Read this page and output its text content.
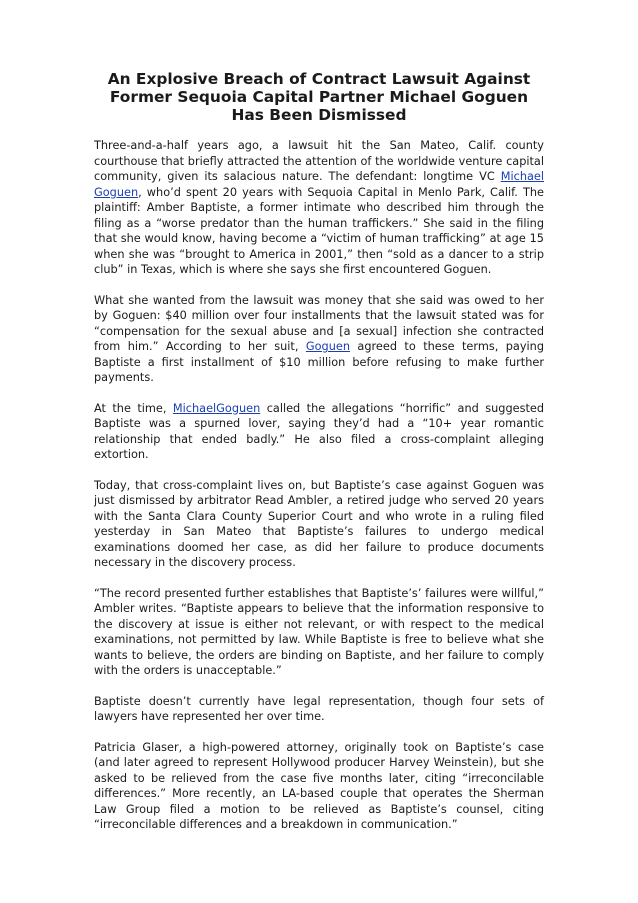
An Explosive Breach of Contract Lawsuit Against Former Sequoia Capital Partner Michael Goguen Has Been Dismissed

Three-and-a-half years ago, a lawsuit hit the San Mateo, Calif. county courthouse that briefly attracted the attention of the worldwide venture capital community, given its salacious nature. The defendant: longtime VC Michael Goguen, who’d spent 20 years with Sequoia Capital in Menlo Park, Calif. The plaintiff: Amber Baptiste, a former intimate who described him through the filing as a “worse predator than the human traffickers.” She said in the filing that she would know, having become a “victim of human trafficking” at age 15 when she was “brought to America in 2001,” then “sold as a dancer to a strip club” in Texas, which is where she says she first encountered Goguen.

What she wanted from the lawsuit was money that she said was owed to her by Goguen: $40 million over four installments that the lawsuit stated was for “compensation for the sexual abuse and [a sexual] infection she contracted from him.” According to her suit, Goguen agreed to these terms, paying Baptiste a first installment of $10 million before refusing to make further payments.

At the time, MichaelGoguen called the allegations “horrific” and suggested Baptiste was a spurned lover, saying they’d had a “10+ year romantic relationship that ended badly.” He also filed a cross-complaint alleging extortion.

Today, that cross-complaint lives on, but Baptiste’s case against Goguen was just dismissed by arbitrator Read Ambler, a retired judge who served 20 years with the Santa Clara County Superior Court and who wrote in a ruling filed yesterday in San Mateo that Baptiste’s failures to undergo medical examinations doomed her case, as did her failure to produce documents necessary in the discovery process.

“The record presented further establishes that Baptiste’s’ failures were willful,” Ambler writes. “Baptiste appears to believe that the information responsive to the discovery at issue is either not relevant, or with respect to the medical examinations, not permitted by law. While Baptiste is free to believe what she wants to believe, the orders are binding on Baptiste, and her failure to comply with the orders is unacceptable.”

Baptiste doesn’t currently have legal representation, though four sets of lawyers have represented her over time.

Patricia Glaser, a high-powered attorney, originally took on Baptiste’s case (and later agreed to represent Hollywood producer Harvey Weinstein), but she asked to be relieved from the case five months later, citing “irreconcilable differences.” More recently, an LA-based couple that operates the Sherman Law Group filed a motion to be relieved as Baptiste’s counsel, citing “irreconcilable differences and a breakdown in communication.”
